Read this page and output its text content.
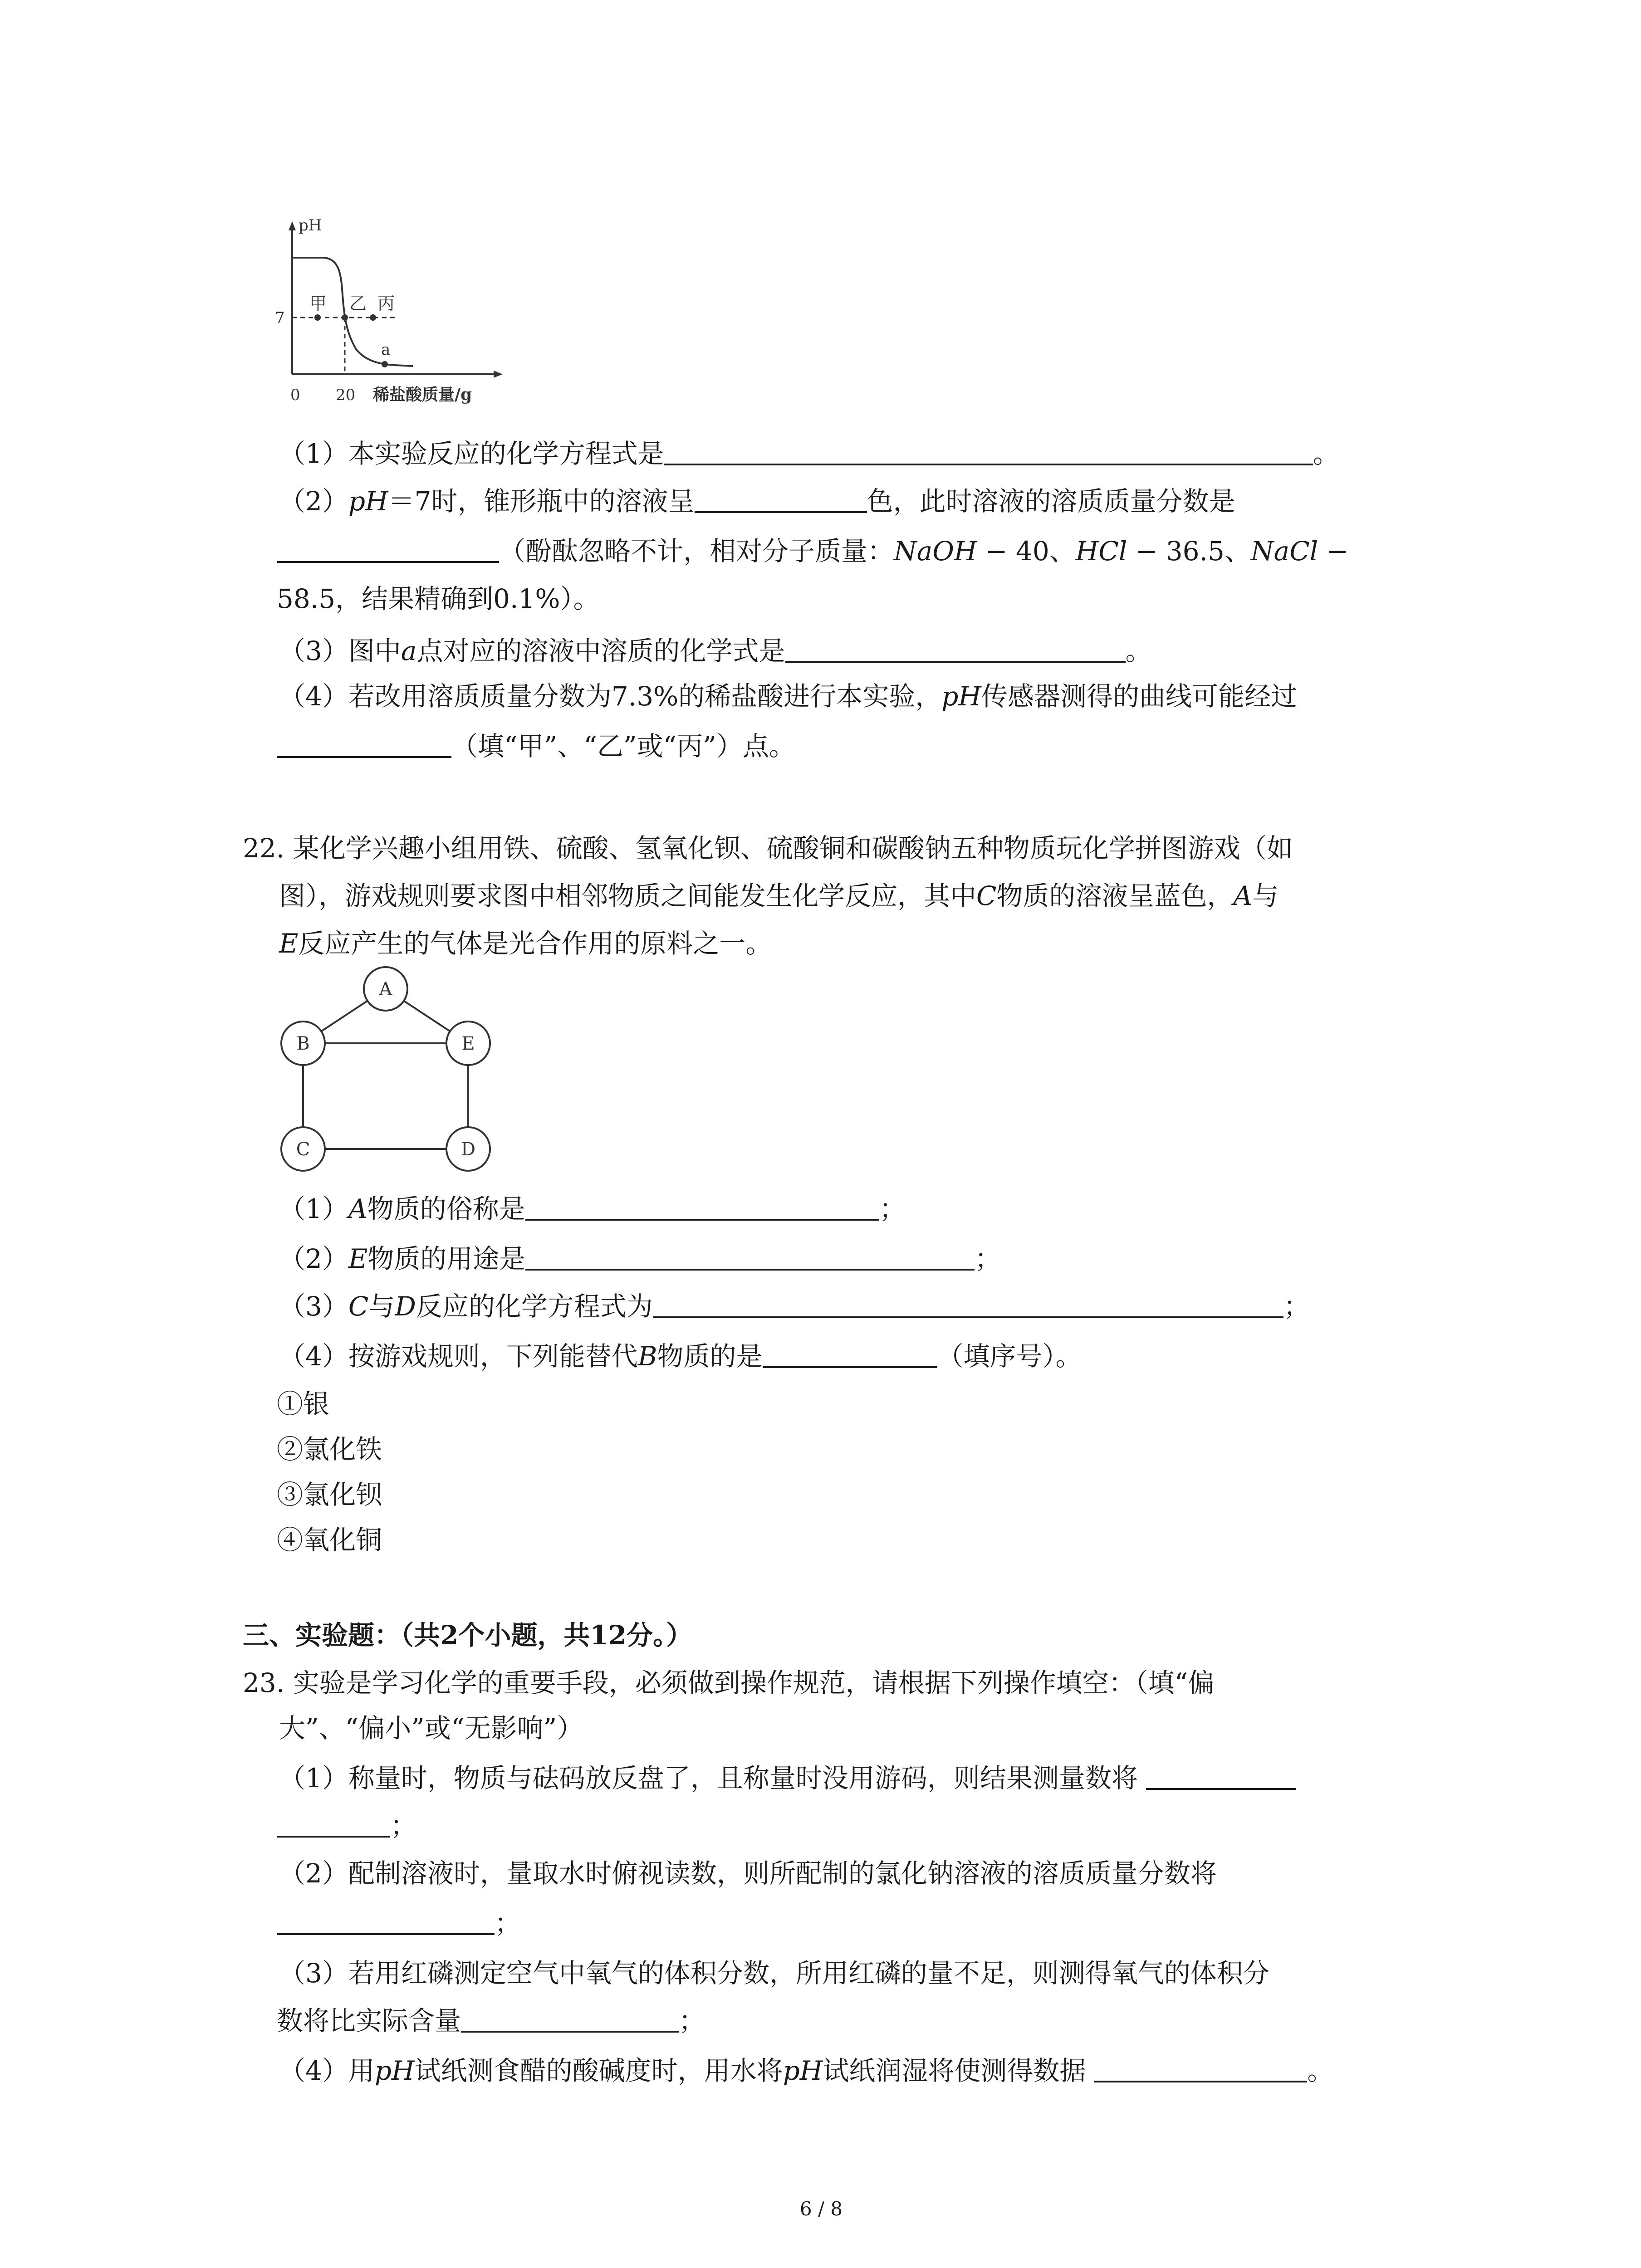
pH
7
0 20 稀盐酸质量/g
甲 乙 丙
a
（1）本实验反应的化学方程式是	。
（2）pH＝7时，锥形瓶中的溶液呈	色，此时溶液的溶质质量分数是
（酚酞忽略不计，相对分子质量：NaOH − 40、HCl − 36.5、NaCl −
58.5，结果精确到0.1%）。
（3）图中a点对应的溶液中溶质的化学式是	。
（4）若改用溶质质量分数为7.3%的稀盐酸进行本实验，pH传感器测得的曲线可能经过
（填“甲”、“乙”或“丙”）点。
22. 某化学兴趣小组用铁、硫酸、氢氧化钡、硫酸铜和碳酸钠五种物质玩化学拼图游戏（如
图），游戏规则要求图中相邻物质之间能发生化学反应，其中C物质的溶液呈蓝色，A与
E反应产生的气体是光合作用的原料之一。
A
B	E
C	D
（1）A物质的俗称是	；
（2）E物质的用途是	；
（3）C与D反应的化学方程式为	；
（4）按游戏规则，下列能替代B物质的是	（填序号）。
①银
②氯化铁
③氯化钡
④氧化铜
三、实验题：（共2个小题，共12分。）
23. 实验是学习化学的重要手段，必须做到操作规范，请根据下列操作填空：（填“偏
大”、“偏小”或“无影响”）
（1）称量时，物质与砝码放反盘了，且称量时没用游码，则结果测量数将
；
（2）配制溶液时，量取水时俯视读数，则所配制的氯化钠溶液的溶质质量分数将
；
（3）若用红磷测定空气中氧气的体积分数，所用红磷的量不足，则测得氧气的体积分
数将比实际含量	；
（4）用pH试纸测食醋的酸碱度时，用水将pH试纸润湿将使测得数据	。
6 / 8
